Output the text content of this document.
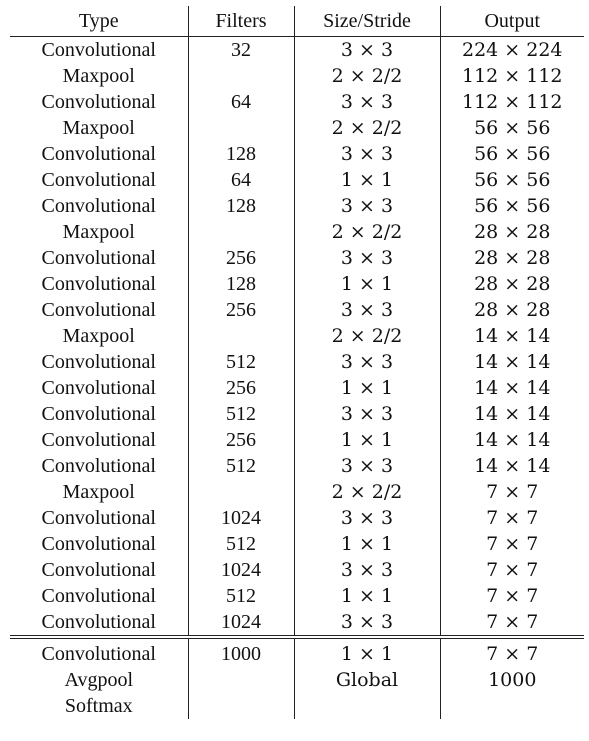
Type	Filters	Size/Stride	Output
Convolutional	32	3 × 3	224 × 224
Maxpool		2 × 2/2	112 × 112
Convolutional	64	3 × 3	112 × 112
Maxpool		2 × 2/2	56 × 56
Convolutional	128	3 × 3	56 × 56
Convolutional	64	1 × 1	56 × 56
Convolutional	128	3 × 3	56 × 56
Maxpool		2 × 2/2	28 × 28
Convolutional	256	3 × 3	28 × 28
Convolutional	128	1 × 1	28 × 28
Convolutional	256	3 × 3	28 × 28
Maxpool		2 × 2/2	14 × 14
Convolutional	512	3 × 3	14 × 14
Convolutional	256	1 × 1	14 × 14
Convolutional	512	3 × 3	14 × 14
Convolutional	256	1 × 1	14 × 14
Convolutional	512	3 × 3	14 × 14
Maxpool		2 × 2/2	7 × 7
Convolutional	1024	3 × 3	7 × 7
Convolutional	512	1 × 1	7 × 7
Convolutional	1024	3 × 3	7 × 7
Convolutional	512	1 × 1	7 × 7
Convolutional	1024	3 × 3	7 × 7
Convolutional	1000	1 × 1	7 × 7
Avgpool		Global	1000
Softmax			
